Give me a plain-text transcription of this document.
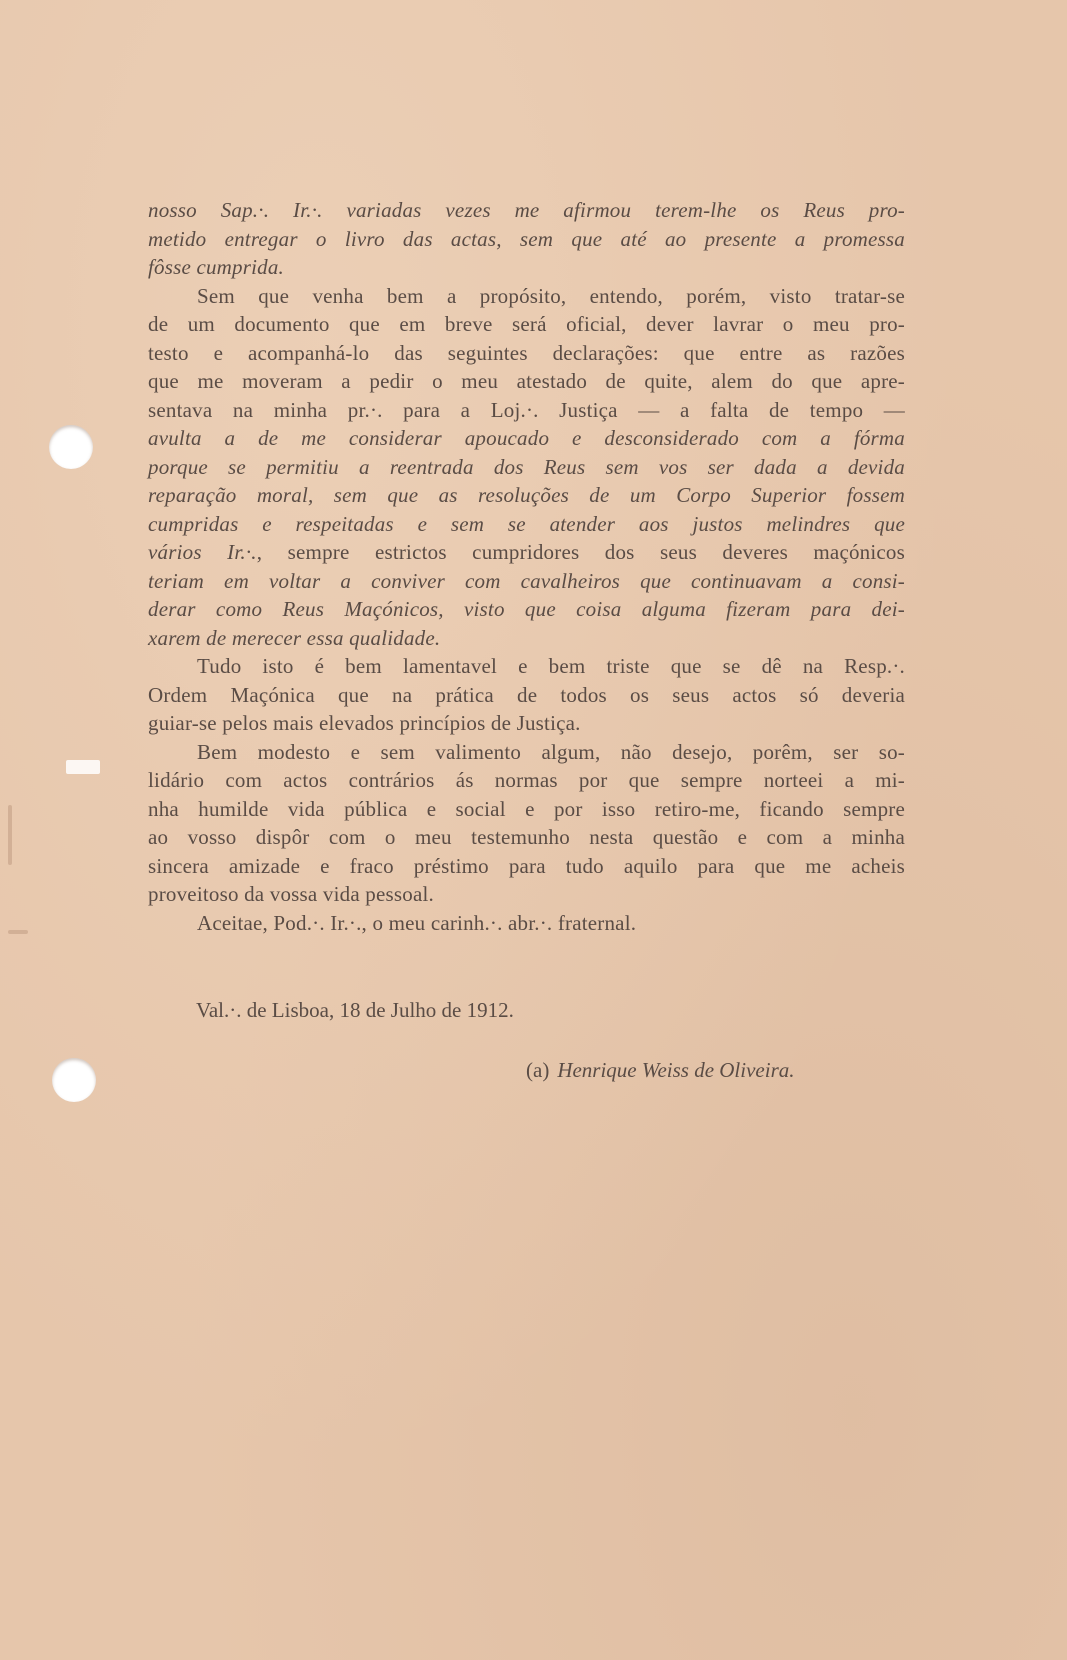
nosso Sap.·. Ir.·. variadas vezes me afirmou terem-lhe os Reus pro-
metido entregar o livro das actas, sem que até ao presente a promessa
fôsse cumprida.
Sem que venha bem a propósito, entendo, porém, visto tratar-se
de um documento que em breve será oficial, dever lavrar o meu pro-
testo e acompanhá-lo das seguintes declarações: que entre as razões
que me moveram a pedir o meu atestado de quite, alem do que apre-
sentava na minha pr.·. para a Loj.·. Justiça — a falta de tempo —
avulta a de me considerar apoucado e desconsiderado com a fórma
porque se permitiu a reentrada dos Reus sem vos ser dada a devida
reparação moral, sem que as resoluções de um Corpo Superior fossem
cumpridas e respeitadas e sem se atender aos justos melindres que
vários Ir.·., sempre estrictos cumpridores dos seus deveres maçónicos
teriam em voltar a conviver com cavalheiros que continuavam a consi-
derar como Reus Maçónicos, visto que coisa alguma fizeram para dei-
xarem de merecer essa qualidade.
Tudo isto é bem lamentavel e bem triste que se dê na Resp.·.
Ordem Maçónica que na prática de todos os seus actos só deveria
guiar-se pelos mais elevados princípios de Justiça.
Bem modesto e sem valimento algum, não desejo, porêm, ser so-
lidário com actos contrários ás normas por que sempre norteei a mi-
nha humilde vida pública e social e por isso retiro-me, ficando sempre
ao vosso dispôr com o meu testemunho nesta questão e com a minha
sincera amizade e fraco préstimo para tudo aquilo para que me acheis
proveitoso da vossa vida pessoal.
Aceitae, Pod.·. Ir.·., o meu carinh.·. abr.·. fraternal.
Val.·. de Lisboa, 18 de Julho de 1912.
(a) Henrique Weiss de Oliveira.
